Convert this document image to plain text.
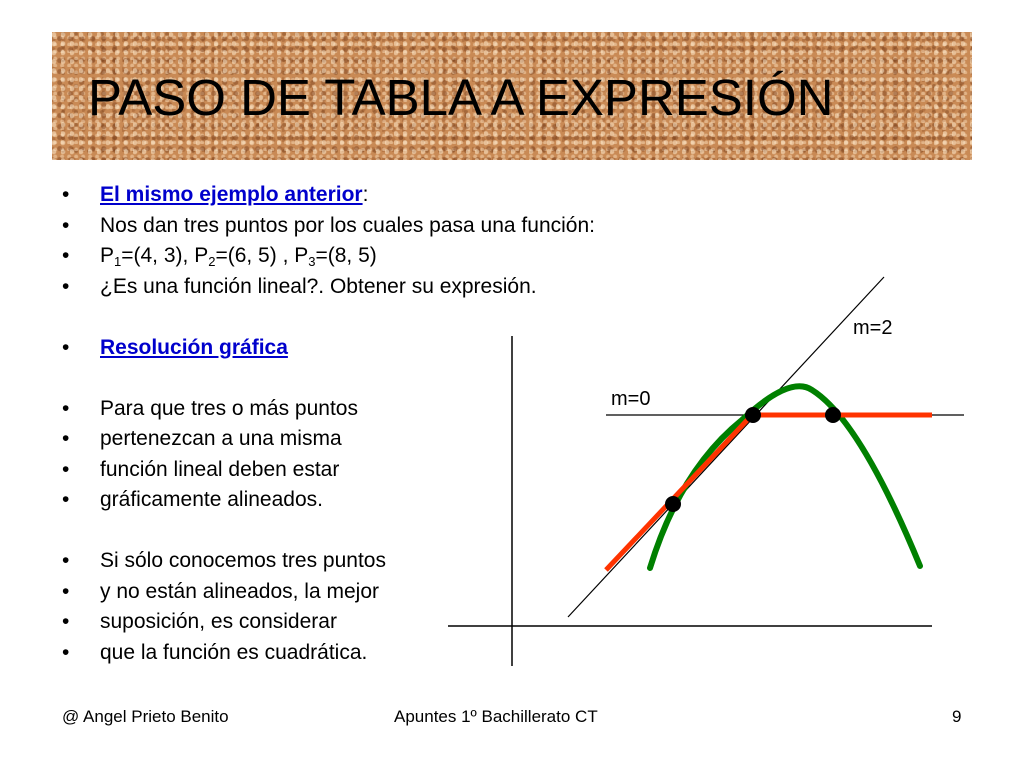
PASO DE TABLA A EXPRESIÓN
•	El mismo ejemplo anterior:
•	Nos dan tres puntos por los cuales pasa una función:
•	$P_1=(4$, 3), $P_2=(6$, 5) , $P_3=(8$, 5)
•	¿Es una función lineal?. Obtener su expresión.
•	Resolución gráfica
•	Para que tres o más puntos
•	pertenezcan a una misma
•	función lineal deben estar
•	gráficamente alineados.
•	Si sólo conocemos tres puntos
•	y no están alineados, la mejor
•	suposición, es considerar
•	que la función es cuadrática.
m=2
m=0
@ Angel Prieto Benito	Apuntes 1º Bachillerato CT	9
